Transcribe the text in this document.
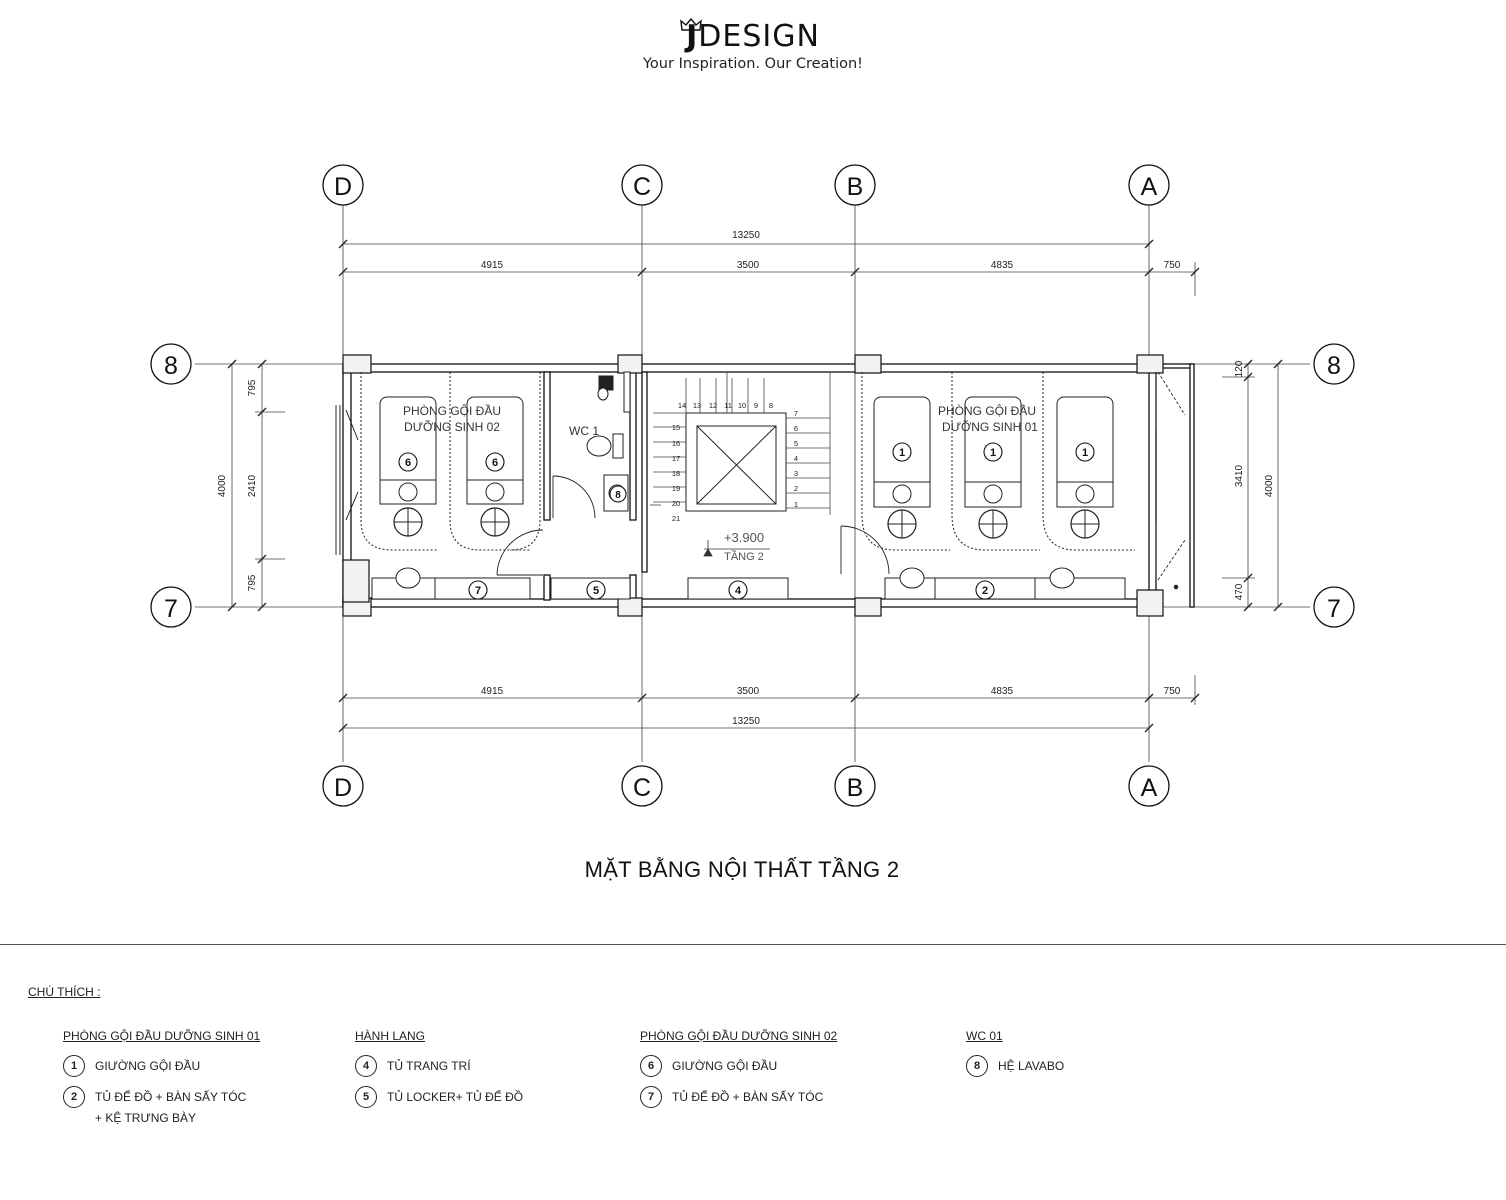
JDESIGN
Your Inspiration. Our Creation!
D	C	B	A
D	C	B	A
8
7
8
7
13250
4915	3500	4835	750
4915	3500	4835	750
13250
795
2410
795
4000
120
3410
470
4000
15
16
17
18
19
20
21
14 13 12 11 10 9 8
7
6
5
4
3
2
1
+3.900
TẦNG 2
PHÒNG GỘI ĐẦU
DƯỠNG SINH 02
PHÒNG GỘI ĐẦU
DƯỠNG SINH 01
WC 1
6	6
1	1	1
7	5	4	2
8
MẶT BẰNG NỘI THẤT TẦNG 2
CHÚ THÍCH :
PHÒNG GỘI ĐẦU DƯỠNG SINH 01
1	GIƯỜNG GỘI ĐẦU
2	TỦ ĐỂ ĐỒ + BÀN SẤY TÓC
+ KỆ TRƯNG BÀY
HÀNH LANG
4	TỦ TRANG TRÍ
5	TỦ LOCKER+ TỦ ĐỂ ĐỒ
PHÒNG GỘI ĐẦU DƯỠNG SINH 02
6	GIƯỜNG GỘI ĐẦU
7	TỦ ĐỂ ĐỒ + BÀN SẤY TÓC
WC 01
8	HỆ LAVABO
